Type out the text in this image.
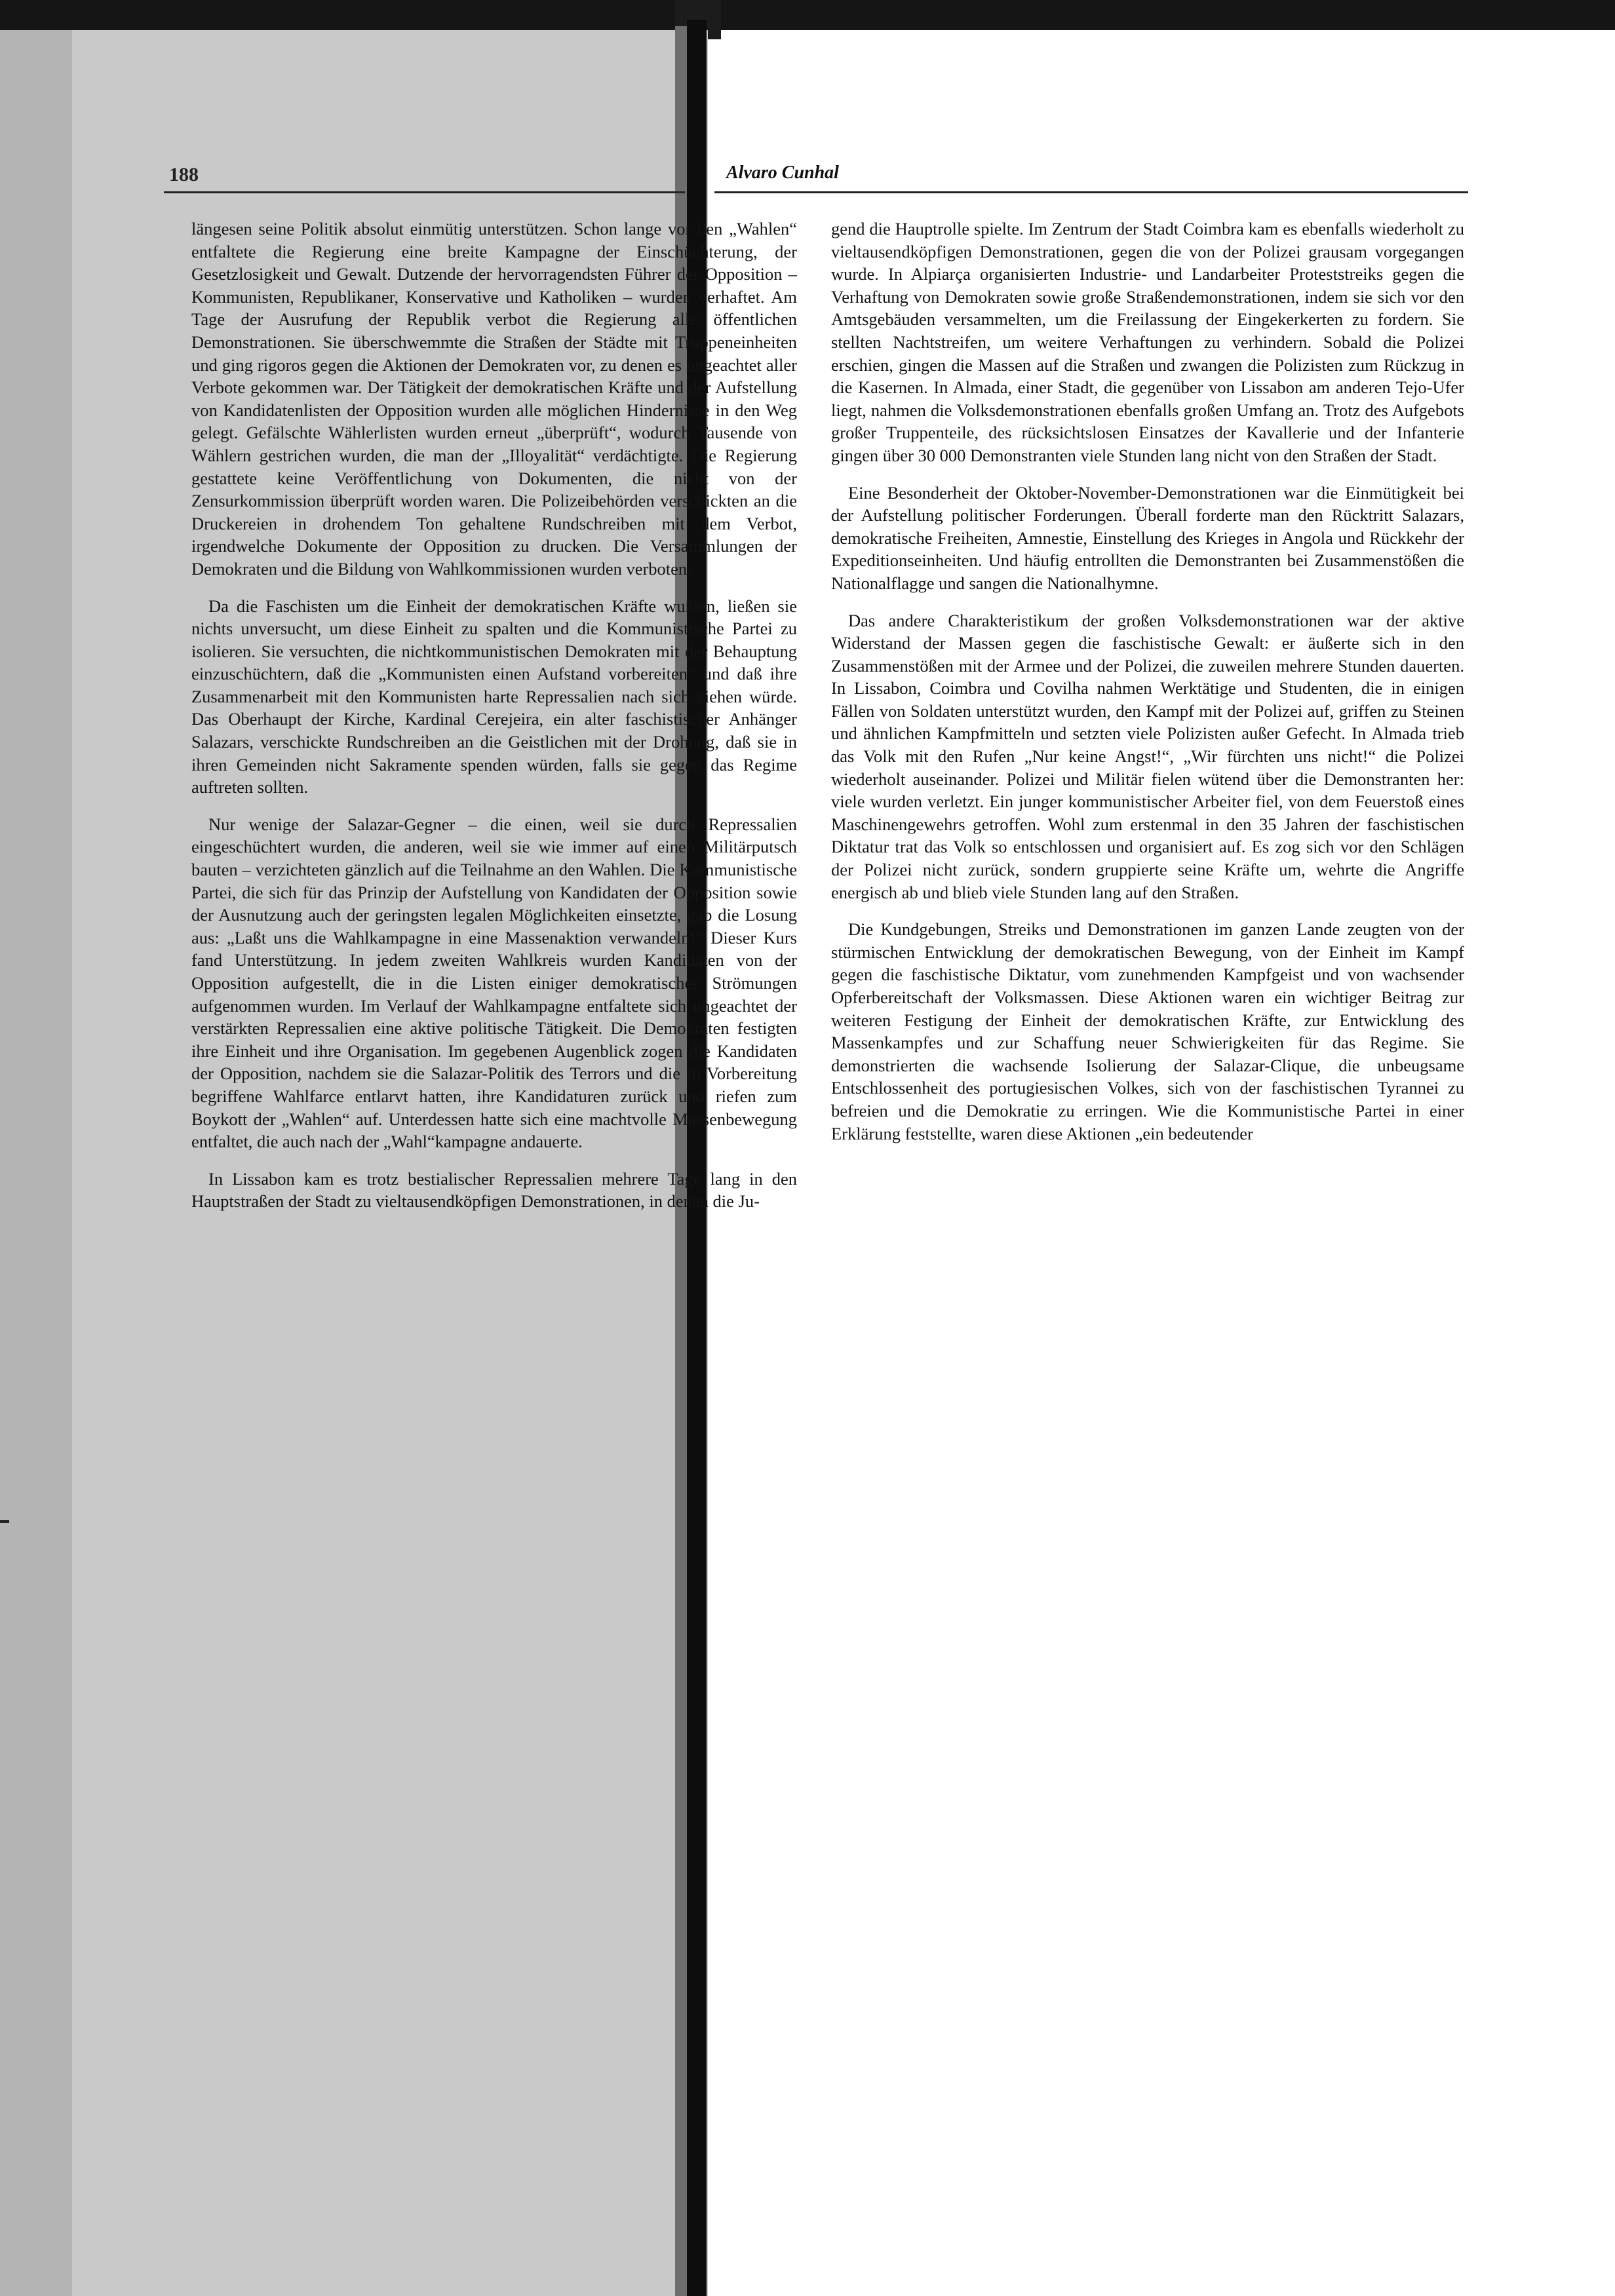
188	Alvaro Cunhal

längesen seine Politik absolut einmütig unterstützen. Schon lange vor den „Wahlen“ entfaltete die Regierung eine breite Kampagne der Einschüchterung, der Gesetzlosigkeit und Gewalt. Dutzende der hervorragendsten Führer der Opposition – Kommunisten, Republikaner, Konservative und Katholiken – wurden verhaftet. Am Tage der Ausrufung der Republik verbot die Regierung alle öffentlichen Demonstrationen. Sie überschwemmte die Straßen der Städte mit Truppeneinheiten und ging rigoros gegen die Aktionen der Demokraten vor, zu denen es ungeachtet aller Verbote gekommen war. Der Tätigkeit der demokratischen Kräfte und der Aufstellung von Kandidatenlisten der Opposition wurden alle möglichen Hindernisse in den Weg gelegt. Gefälschte Wählerlisten wurden erneut „überprüft“, wodurch Tausende von Wählern gestrichen wurden, die man der „Illoyalität“ verdächtigte. Die Regierung gestattete keine Veröffentlichung von Dokumenten, die nicht von der Zensurkommission überprüft worden waren. Die Polizeibehörden verschickten an die Druckereien in drohendem Ton gehaltene Rundschreiben mit dem Verbot, irgendwelche Dokumente der Opposition zu drucken. Die Versammlungen der Demokraten und die Bildung von Wahlkommissionen wurden verboten.

Da die Faschisten um die Einheit der demokratischen Kräfte wußten, ließen sie nichts unversucht, um diese Einheit zu spalten und die Kommunistische Partei zu isolieren. Sie versuchten, die nichtkommunistischen Demokraten mit der Behauptung einzuschüchtern, daß die „Kommunisten einen Aufstand vorbereiten“ und daß ihre Zusammenarbeit mit den Kommunisten harte Repressalien nach sich ziehen würde. Das Oberhaupt der Kirche, Kardinal Cerejeira, ein alter faschistischer Anhänger Salazars, verschickte Rundschreiben an die Geistlichen mit der Drohung, daß sie in ihren Gemeinden nicht Sakramente spenden würden, falls sie gegen das Regime auftreten sollten.

Nur wenige der Salazar-Gegner – die einen, weil sie durch Repressalien eingeschüchtert wurden, die anderen, weil sie wie immer auf einen Militärputsch bauten – verzichteten gänzlich auf die Teilnahme an den Wahlen. Die Kommunistische Partei, die sich für das Prinzip der Aufstellung von Kandidaten der Opposition sowie der Ausnutzung auch der geringsten legalen Möglichkeiten einsetzte, gab die Losung aus: „Laßt uns die Wahlkampagne in eine Massenaktion verwandeln!“ Dieser Kurs fand Unterstützung. In jedem zweiten Wahlkreis wurden Kandidaten von der Opposition aufgestellt, die in die Listen einiger demokratischer Strömungen aufgenommen wurden. Im Verlauf der Wahlkampagne entfaltete sich ungeachtet der verstärkten Repressalien eine aktive politische Tätigkeit. Die Demokraten festigten ihre Einheit und ihre Organisation. Im gegebenen Augenblick zogen die Kandidaten der Opposition, nachdem sie die Salazar-Politik des Terrors und die in Vorbereitung begriffene Wahlfarce entlarvt hatten, ihre Kandidaturen zurück und riefen zum Boykott der „Wahlen“ auf. Unterdessen hatte sich eine machtvolle Massenbewegung entfaltet, die auch nach der „Wahl“kampagne andauerte.

In Lissabon kam es trotz bestialischer Repressalien mehrere Tage lang in den Hauptstraßen der Stadt zu vieltausendköpfigen Demonstrationen, in denen die Ju-

gend die Hauptrolle spielte. Im Zentrum der Stadt Coimbra kam es ebenfalls wiederholt zu vieltausendköpfigen Demonstrationen, gegen die von der Polizei grausam vorgegangen wurde. In Alpiarça organisierten Industrie- und Landarbeiter Proteststreiks gegen die Verhaftung von Demokraten sowie große Straßendemonstrationen, indem sie sich vor den Amtsgebäuden versammelten, um die Freilassung der Eingekerkerten zu fordern. Sie stellten Nachtstreifen, um weitere Verhaftungen zu verhindern. Sobald die Polizei erschien, gingen die Massen auf die Straßen und zwangen die Polizisten zum Rückzug in die Kasernen. In Almada, einer Stadt, die gegenüber von Lissabon am anderen Tejo-Ufer liegt, nahmen die Volksdemonstrationen ebenfalls großen Umfang an. Trotz des Aufgebots großer Truppenteile, des rücksichtslosen Einsatzes der Kavallerie und der Infanterie gingen über 30 000 Demonstranten viele Stunden lang nicht von den Straßen der Stadt.

Eine Besonderheit der Oktober-November-Demonstrationen war die Einmütigkeit bei der Aufstellung politischer Forderungen. Überall forderte man den Rücktritt Salazars, demokratische Freiheiten, Amnestie, Einstellung des Krieges in Angola und Rückkehr der Expeditionseinheiten. Und häufig entrollten die Demonstranten bei Zusammenstößen die Nationalflagge und sangen die Nationalhymne.

Das andere Charakteristikum der großen Volksdemonstrationen war der aktive Widerstand der Massen gegen die faschistische Gewalt: er äußerte sich in den Zusammenstößen mit der Armee und der Polizei, die zuweilen mehrere Stunden dauerten. In Lissabon, Coimbra und Covilha nahmen Werktätige und Studenten, die in einigen Fällen von Soldaten unterstützt wurden, den Kampf mit der Polizei auf, griffen zu Steinen und ähnlichen Kampfmitteln und setzten viele Polizisten außer Gefecht. In Almada trieb das Volk mit den Rufen „Nur keine Angst!“, „Wir fürchten uns nicht!“ die Polizei wiederholt auseinander. Polizei und Militär fielen wütend über die Demonstranten her: viele wurden verletzt. Ein junger kommunistischer Arbeiter fiel, von dem Feuerstoß eines Maschinengewehrs getroffen. Wohl zum erstenmal in den 35 Jahren der faschistischen Diktatur trat das Volk so entschlossen und organisiert auf. Es zog sich vor den Schlägen der Polizei nicht zurück, sondern gruppierte seine Kräfte um, wehrte die Angriffe energisch ab und blieb viele Stunden lang auf den Straßen.

Die Kundgebungen, Streiks und Demonstrationen im ganzen Lande zeugten von der stürmischen Entwicklung der demokratischen Bewegung, von der Einheit im Kampf gegen die faschistische Diktatur, vom zunehmenden Kampfgeist und von wachsender Opferbereitschaft der Volksmassen. Diese Aktionen waren ein wichtiger Beitrag zur weiteren Festigung der Einheit der demokratischen Kräfte, zur Entwicklung des Massenkampfes und zur Schaffung neuer Schwierigkeiten für das Regime. Sie demonstrierten die wachsende Isolierung der Salazar-Clique, die unbeugsame Entschlossenheit des portugiesischen Volkes, sich von der faschistischen Tyrannei zu befreien und die Demokratie zu erringen. Wie die Kommunistische Partei in einer Erklärung feststellte, waren diese Aktionen „ein bedeutender
